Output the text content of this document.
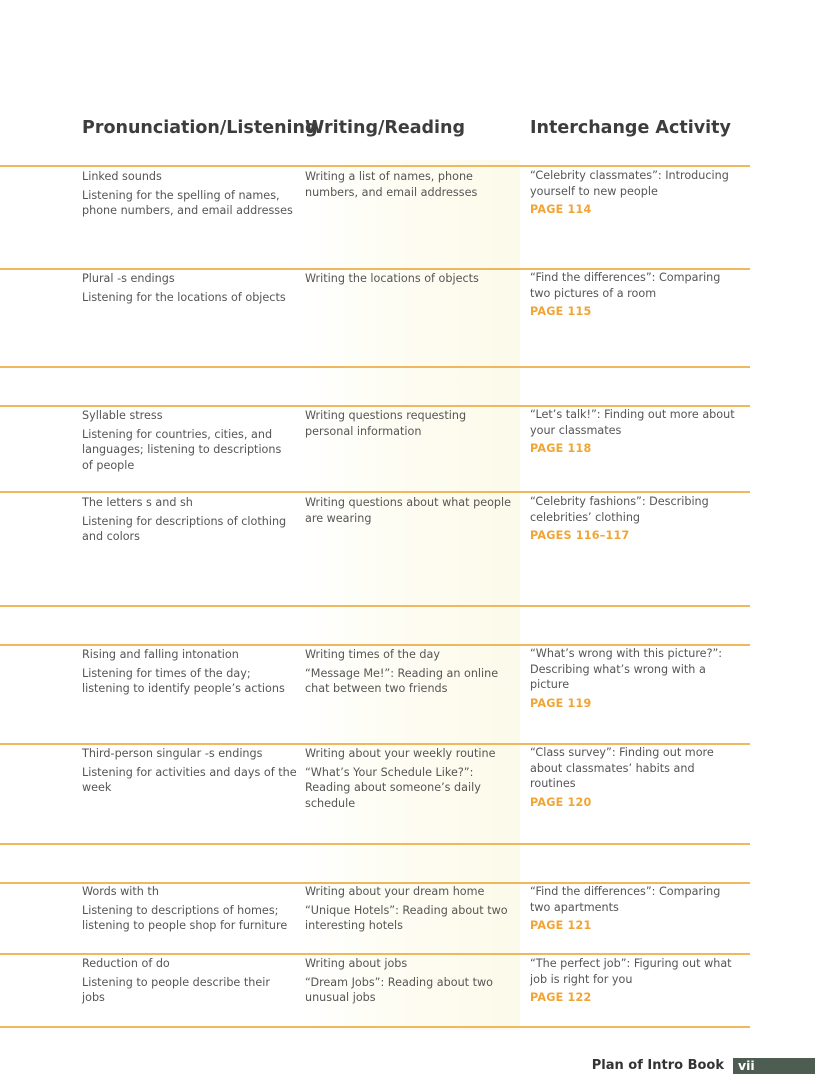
Pronunciation/Listening
Writing/Reading	Interchange Activity
Linked sounds
Listening for the spelling of names,
phone numbers, and email addresses
Writing a list of names, phone
numbers, and email addresses
“Celebrity classmates”: Introducing
yourself to new people
PAGE 114
Plural -s endings
Listening for the locations of objects
Writing the locations of objects	“Find the differences”: Comparing
two pictures of a room
PAGE 115
Syllable stress
Listening for countries, cities, and
languages; listening to descriptions
of people
Writing questions requesting
personal information
“Let’s talk!”: Finding out more about
your classmates
PAGE 118
The letters s and sh
Listening for descriptions of clothing
and colors
Writing questions about what people
are wearing
“Celebrity fashions”: Describing
celebrities’ clothing
PAGES 116–117
Rising and falling intonation
Listening for times of the day;
listening to identify people’s actions
Writing times of the day
“Message Me!”: Reading an online
chat between two friends
“What’s wrong with this picture?”:
Describing what’s wrong with a
picture
PAGE 119
Third-person singular -s endings
Listening for activities and days of the
week
Writing about your weekly routine
“What’s Your Schedule Like?”:
Reading about someone’s daily
schedule
“Class survey”: Finding out more
about classmates’ habits and routines
PAGE 120
Words with th
Listening to descriptions of homes;
listening to people shop for furniture
Writing about your dream home
“Unique Hotels”: Reading about two
interesting hotels
“Find the differences”: Comparing
two apartments
PAGE 121
Reduction of do
Listening to people describe their
jobs
Writing about jobs
“Dream Jobs”: Reading about two
unusual jobs
“The perfect job”: Figuring out what
job is right for you
PAGE 122
Plan of Intro Book vii
